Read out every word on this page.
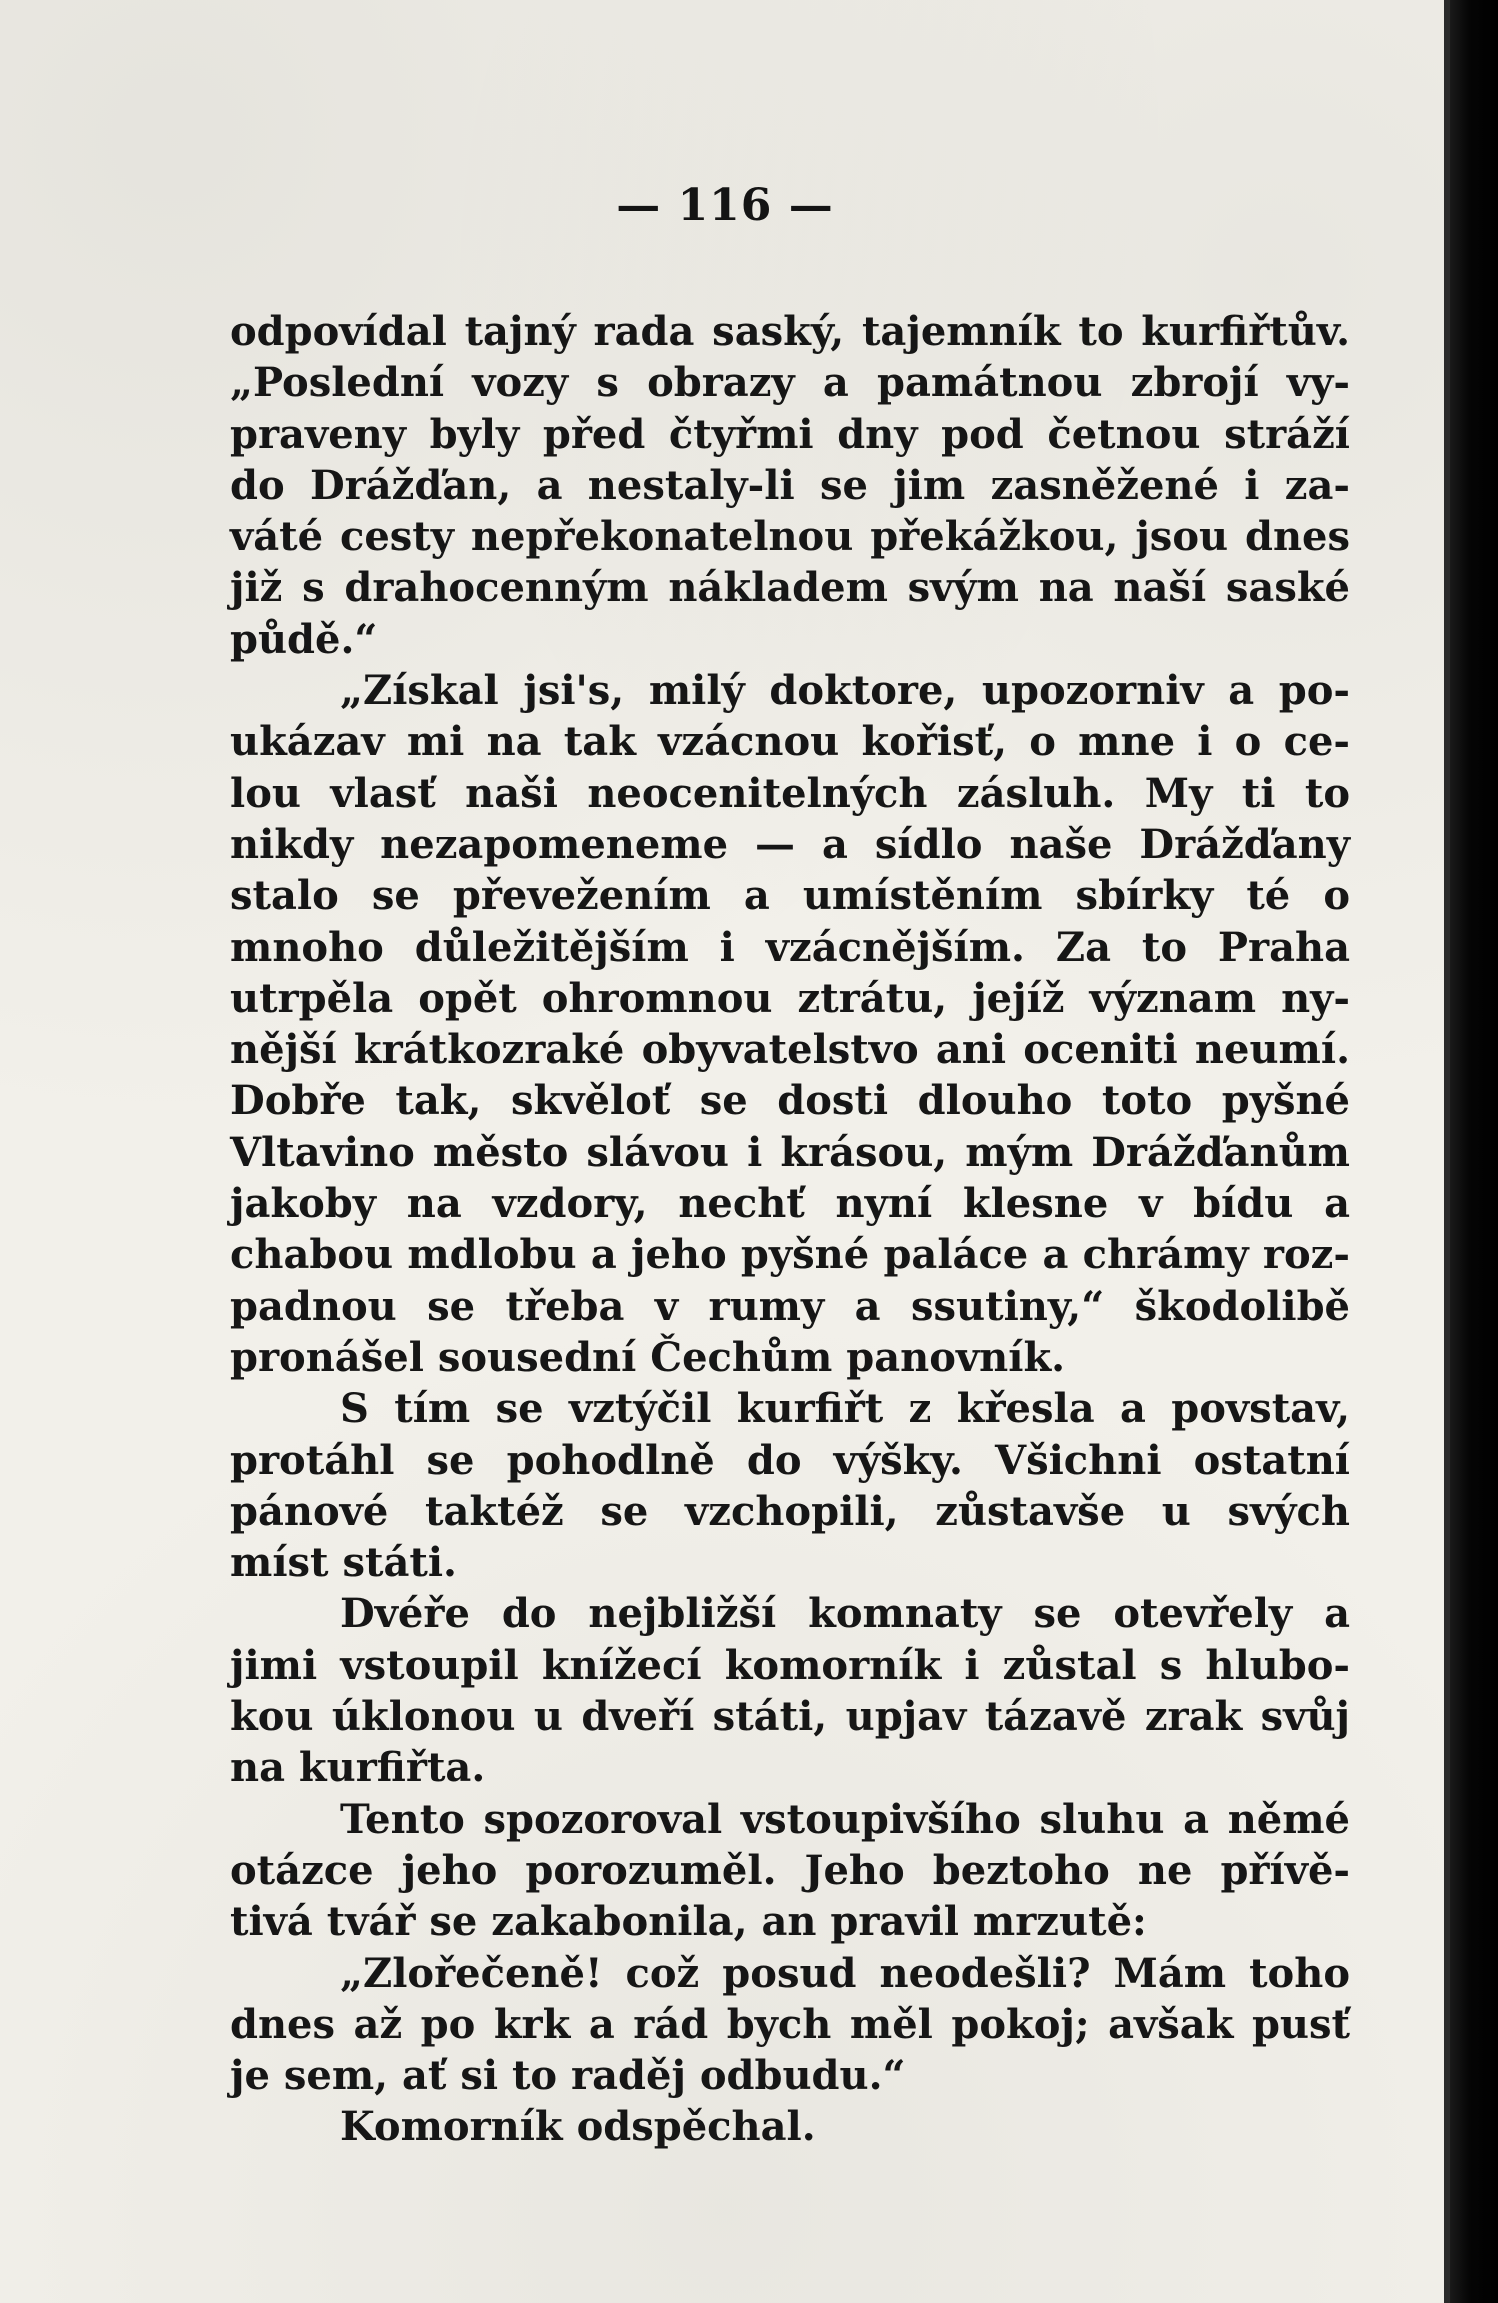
— 116 —
odpovídal tajný rada saský, tajemník to kurfiřtův.
„Poslední vozy s obrazy a památnou zbrojí vy-
praveny byly před čtyřmi dny pod četnou stráží
do Drážďan, a nestaly-li se jim zasněžené i za-
váté cesty nepřekonatelnou překážkou, jsou dnes
již s drahocenným nákladem svým na naší saské
půdě.“
„Získal jsi's, milý doktore, upozorniv a po-
ukázav mi na tak vzácnou kořisť, o mne i o ce-
lou vlasť naši neocenitelných zásluh. My ti to
nikdy nezapomeneme — a sídlo naše Drážďany
stalo se převežením a umístěním sbírky té o
mnoho důležitějším i vzácnějším. Za to Praha
utrpěla opět ohromnou ztrátu, jejíž význam ny-
nější krátkozraké obyvatelstvo ani oceniti neumí.
Dobře tak, skvěloť se dosti dlouho toto pyšné
Vltavino město slávou i krásou, mým Drážďanům
jakoby na vzdory, nechť nyní klesne v bídu a
chabou mdlobu a jeho pyšné paláce a chrámy roz-
padnou se třeba v rumy a ssutiny,“ škodolibě
pronášel sousední Čechům panovník.
S tím se vztýčil kurfiřt z křesla a povstav,
protáhl se pohodlně do výšky. Všichni ostatní
pánové taktéž se vzchopili, zůstavše u svých
míst státi.
Dvéře do nejbližší komnaty se otevřely a
jimi vstoupil knížecí komorník i zůstal s hlubo-
kou úklonou u dveří státi, upjav tázavě zrak svůj
na kurfiřta.
Tento spozoroval vstoupivšího sluhu a němé
otázce jeho porozuměl. Jeho beztoho ne přívě-
tivá tvář se zakabonila, an pravil mrzutě:
„Zlořečeně! což posud neodešli? Mám toho
dnes až po krk a rád bych měl pokoj; avšak pusť
je sem, ať si to raděj odbudu.“
Komorník odspěchal.
